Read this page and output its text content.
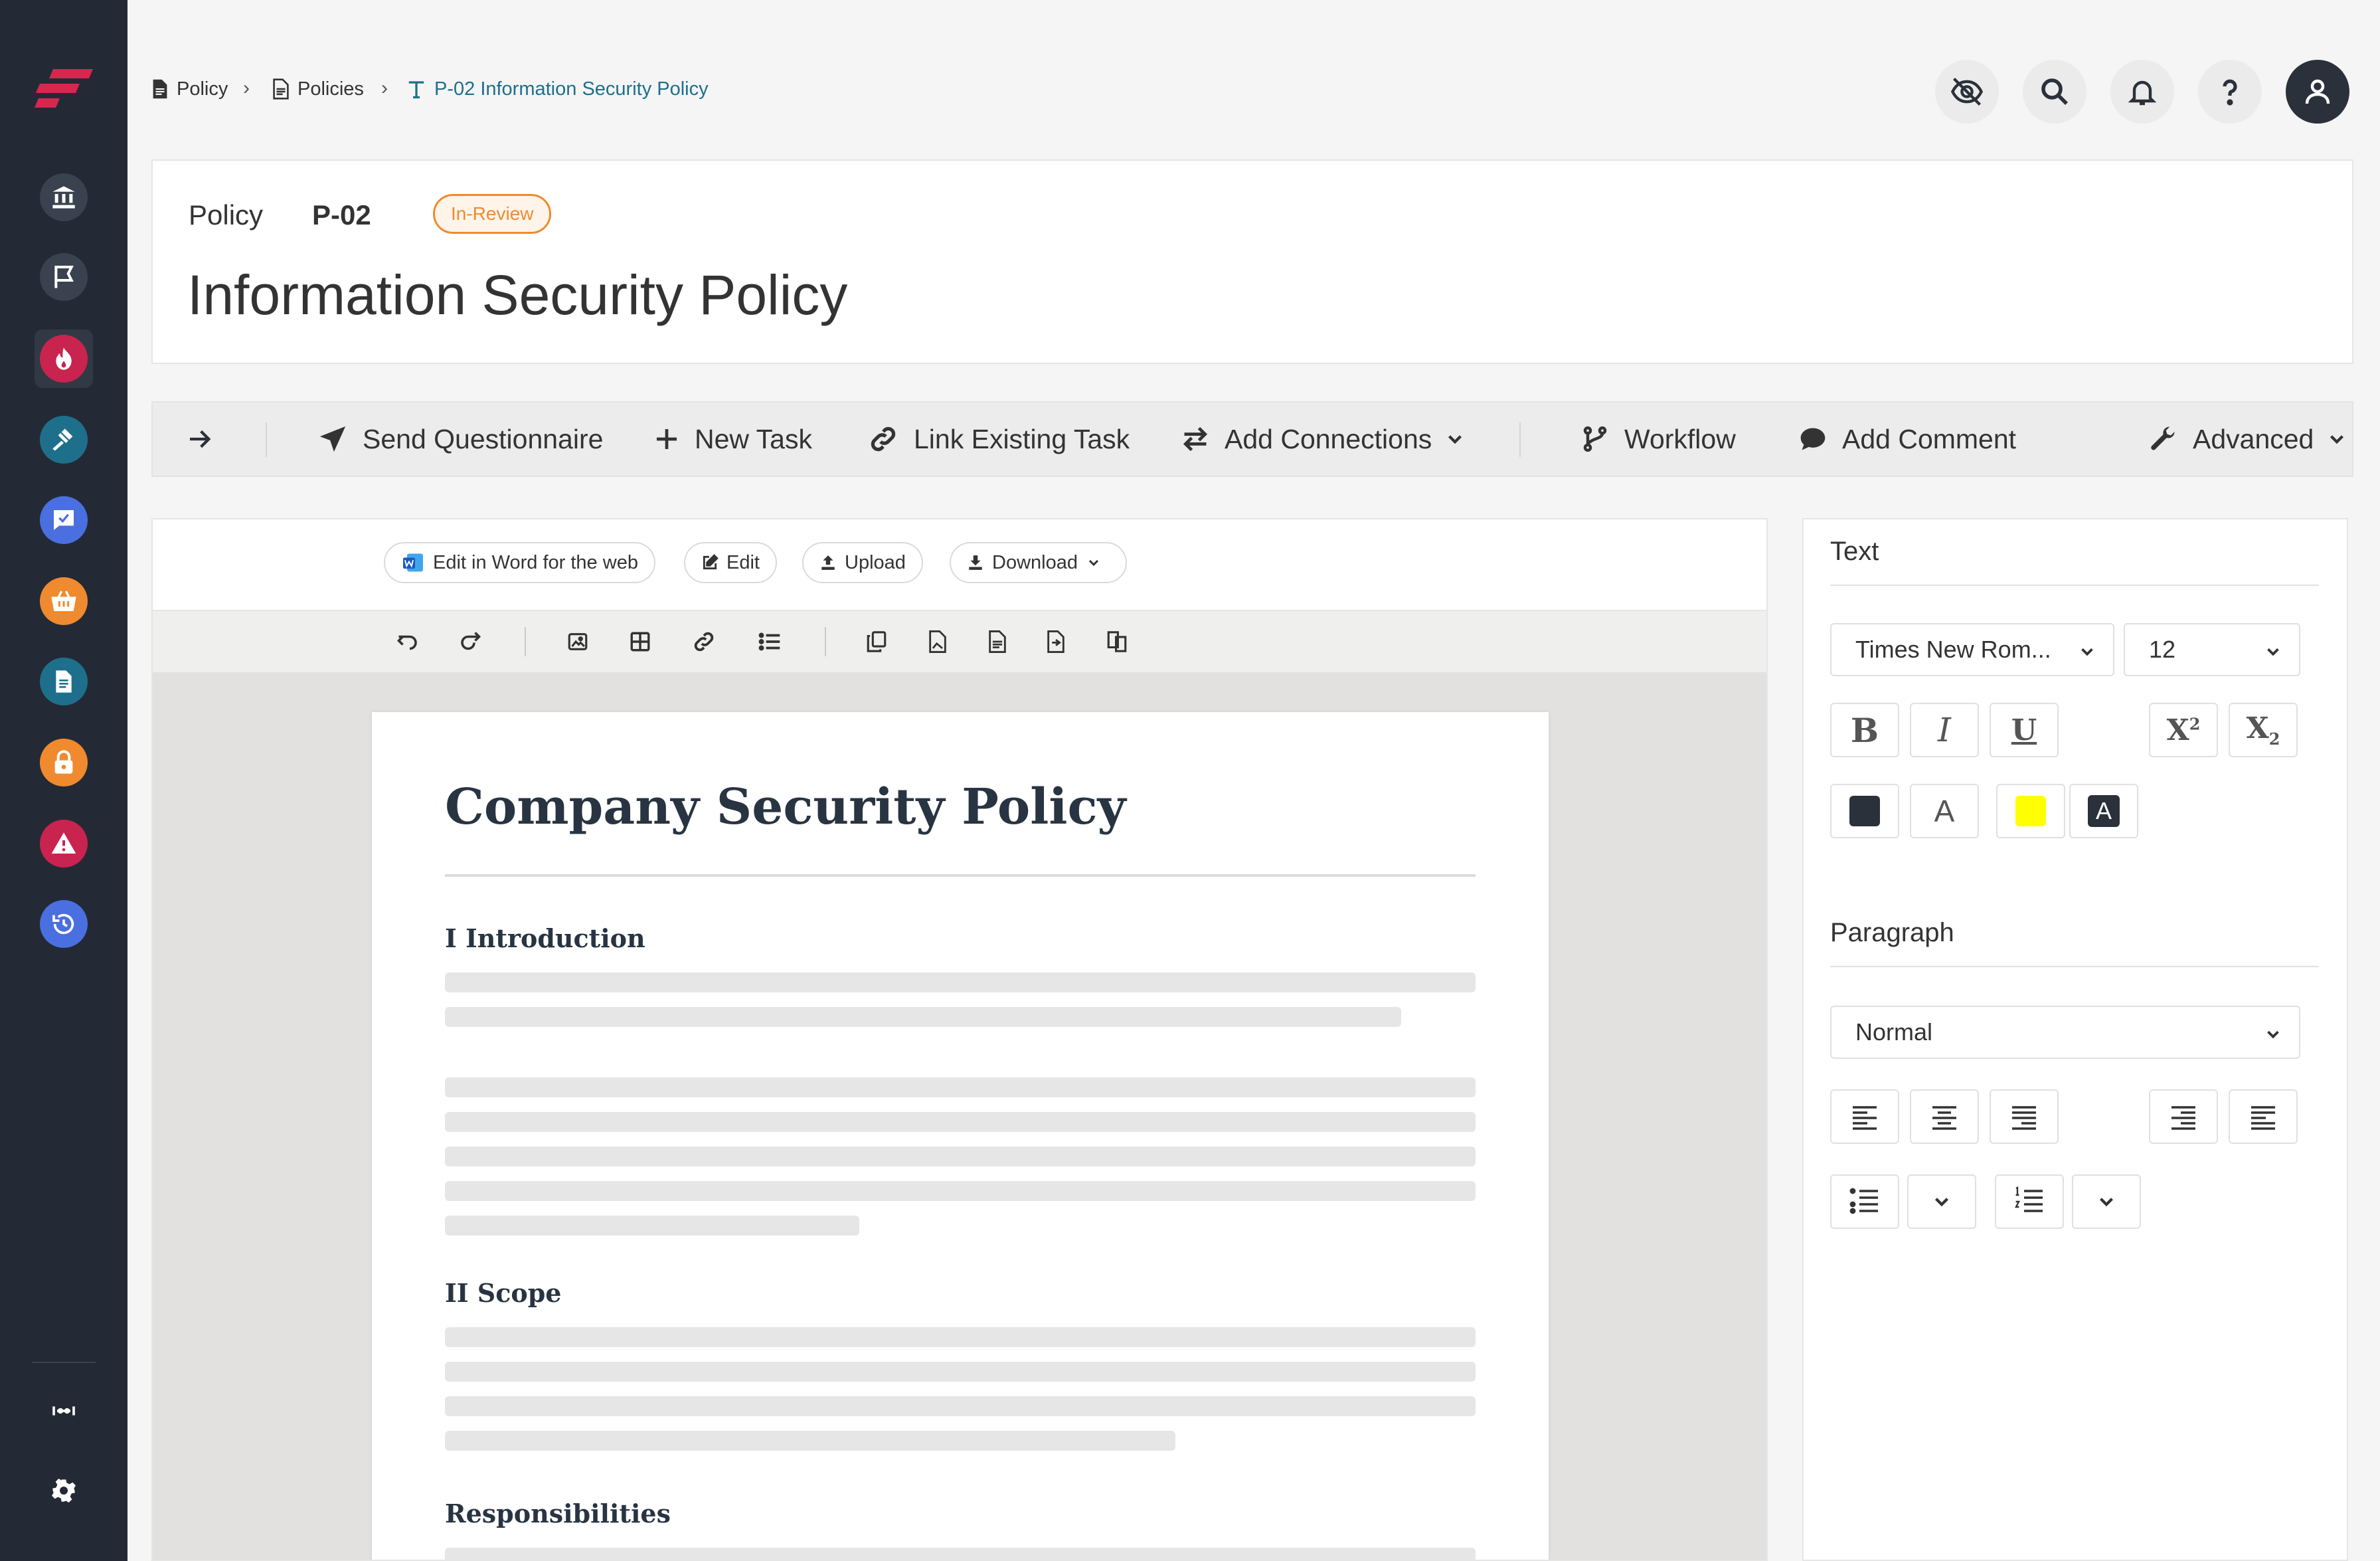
Policy › Policies › P-02 Information Security Policy
Policy P-02	In-Review
Information Security Policy
Send Questionnaire	New Task	Link Existing Task	Add Connections	Workflow	Add Comment	Advanced
Edit in Word for the web	Edit	Upload	Download
Company Security Policy
I Introduction
II Scope
Responsibilities
Text
Times New Rom...	12
B I U	$X^2$ $X_2$
A	A
Paragraph
Normal
